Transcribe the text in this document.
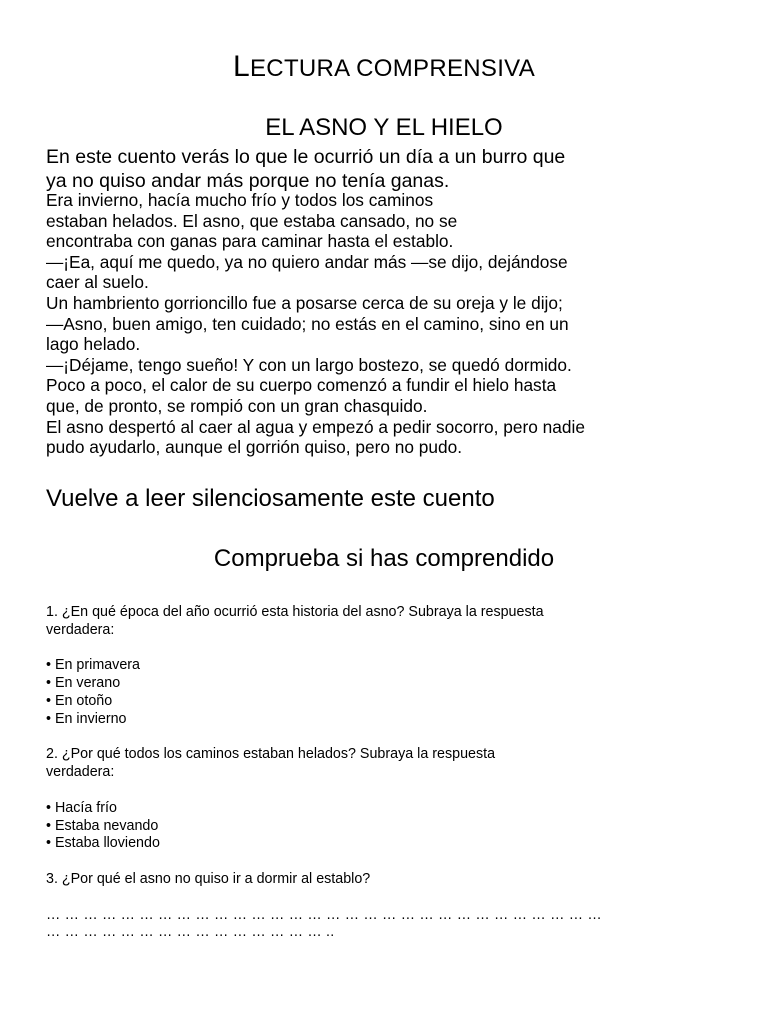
LECTURA COMPRENSIVA
EL ASNO Y EL HIELO

En este cuento verás lo que le ocurrió un día a un burro que

ya no quiso andar más porque no tenía ganas.

Era invierno, hacía mucho frío y todos los caminos

estaban helados. El asno, que estaba cansado, no se

encontraba con ganas para caminar hasta el establo.

—¡Ea, aquí me quedo, ya no quiero andar más —se dijo, dejándose

caer al suelo.

Un hambriento gorrioncillo fue a posarse cerca de su oreja y le dijo;

—Asno, buen amigo, ten cuidado; no estás en el camino, sino en un

lago helado.

—¡Déjame, tengo sueño! Y con un largo bostezo, se quedó dormido.

Poco a poco, el calor de su cuerpo comenzó a fundir el hielo hasta

que, de pronto, se rompió con un gran chasquido.

El asno despertó al caer al agua y empezó a pedir socorro, pero nadie

pudo ayudarlo, aunque el gorrión quiso, pero no pudo.

Vuelve a leer silenciosamente este cuento
Comprueba si has comprendido

1. ¿En qué época del año ocurrió esta historia del asno? Subraya la respuesta

verdadera:

• En primavera

• En verano

• En otoño

• En invierno

2. ¿Por qué todos los caminos estaban helados? Subraya la respuesta

verdadera:

• Hacía frío

• Estaba nevando

• Estaba lloviendo

3. ¿Por qué el asno no quiso ir a dormir al establo?

… … … … … … … … … … … … … … … … … … … … … … … … … … … … … … … … … … … … … … … … … … … … … ..
